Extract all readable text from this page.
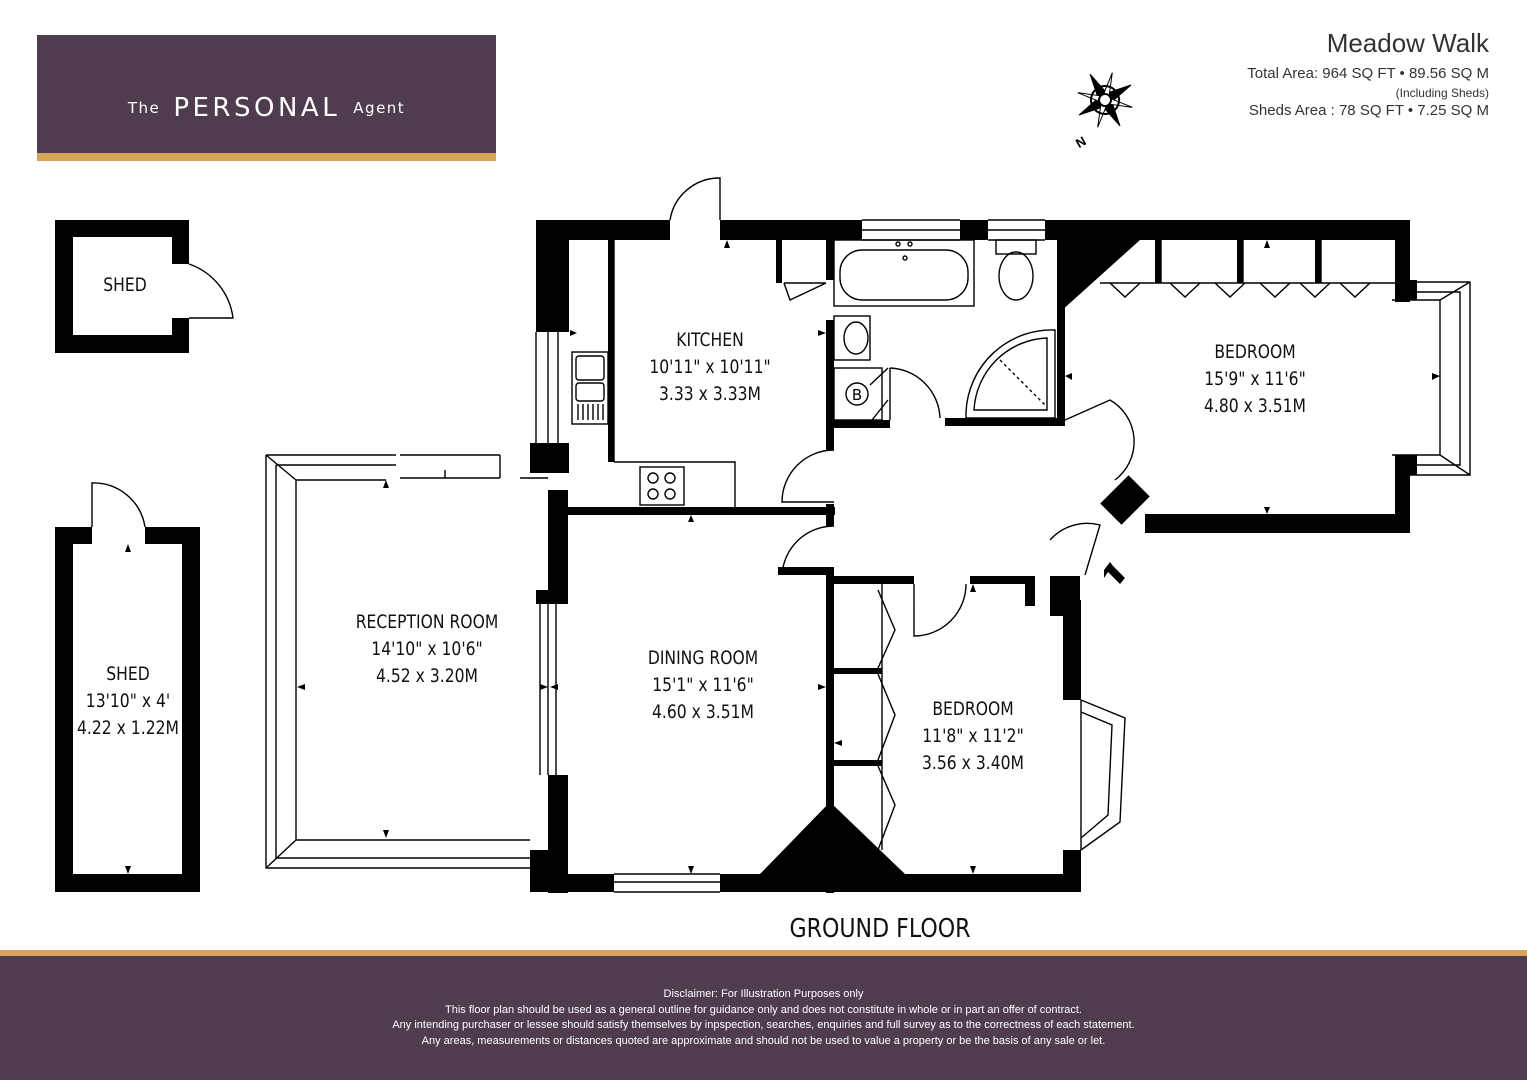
The PERSONAL Agent
Meadow Walk
Total Area: 964 SQ FT • 89.56 SQ M
(Including Sheds)
Sheds Area : 78 SQ FT • 7.25 SQ M
N
B
SHED
SHED
13'10" x 4'
4.22 x 1.22M
KITCHEN
10'11" x 10'11"
3.33 x 3.33M
BEDROOM
15'9" x 11'6"
4.80 x 3.51M
RECEPTION ROOM
14'10" x 10'6"
4.52 x 3.20M
DINING ROOM
15'1" x 11'6"
4.60 x 3.51M	BEDROOM
11'8" x 11'2"
3.56 x 3.40M
GROUND FLOOR
Disclaimer: For Illustration Purposes only
This floor plan should be used as a general outline for guidance only and does not constitute in whole or in part an offer of contract.
Any intending purchaser or lessee should satisfy themselves by inpspection, searches, enquiries and full survey as to the correctness of each statement.
Any areas, measurements or distances quoted are approximate and should not be used to value a property or be the basis of any sale or let.
